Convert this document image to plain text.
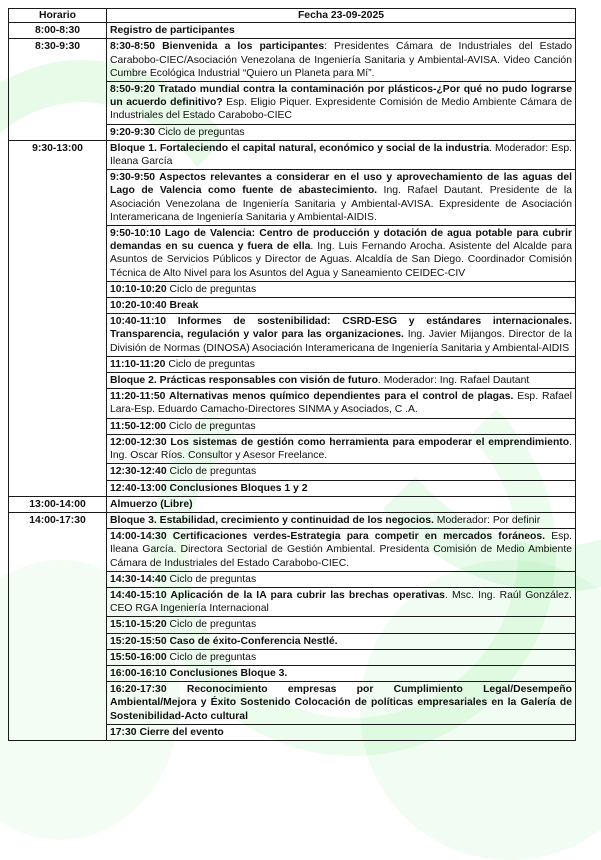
Horario	Fecha 23-09-2025
8:00-8:30	Registro de participantes

8:30-9:30	8:30-8:50 Bienvenida a los participantes: Presidentes Cámara de Industriales del Estado Carabobo-CIEC/Asociación Venezolana de Ingeniería Sanitaria y Ambiental-AVISA. Video Canción Cumbre Ecológica Industrial “Quiero un Planeta para Mí”.

	8:50-9:20 Tratado mundial contra la contaminación por plásticos-¿Por qué no pudo lograrse un acuerdo definitivo? Esp. Eligio Piquer. Expresidente Comisión de Medio Ambiente Cámara de Industriales del Estado Carabobo-CIEC

	9:20-9:30 Ciclo de preguntas

9:30-13:00	Bloque 1. Fortaleciendo el capital natural, económico y social de la industria. Moderador: Esp. Ileana García

	9:30-9:50 Aspectos relevantes a considerar en el uso y aprovechamiento de las aguas del Lago de Valencia como fuente de abastecimiento. Ing. Rafael Dautant. Presidente de la Asociación Venezolana de Ingeniería Sanitaria y Ambiental-AVISA. Expresidente de Asociación Interamericana de Ingeniería Sanitaria y Ambiental-AIDIS.

	9:50-10:10 Lago de Valencia: Centro de producción y dotación de agua potable para cubrir demandas en su cuenca y fuera de ella. Ing. Luis Fernando Arocha. Asistente del Alcalde para Asuntos de Servicios Públicos y Director de Aguas. Alcaldía de San Diego. Coordinador Comisión Técnica de Alto Nivel para los Asuntos del Agua y Saneamiento CEIDEC-CIV

	10:10-10:20 Ciclo de preguntas

	10:20-10:40 Break

	10:40-11:10 Informes de sostenibilidad: CSRD-ESG y estándares internacionales. Transparencia, regulación y valor para las organizaciones. Ing. Javier Mijangos. Director de la División de Normas (DINOSA) Asociación Interamericana de Ingeniería Sanitaria y Ambiental-AIDIS

	11:10-11:20 Ciclo de preguntas

	Bloque 2. Prácticas responsables con visión de futuro. Moderador: Ing. Rafael Dautant

	11:20-11:50 Alternativas menos químico dependientes para el control de plagas. Esp. Rafael Lara-Esp. Eduardo Camacho-Directores SINMA y Asociados, C .A.

	11:50-12:00 Ciclo de preguntas

	12:00-12:30 Los sistemas de gestión como herramienta para empoderar el emprendimiento. Ing. Oscar Ríos. Consultor y Asesor Freelance.

	12:30-12:40 Ciclo de preguntas

	12:40-13:00 Conclusiones Bloques 1 y 2

13:00-14:00	Almuerzo (Libre)

14:00-17:30	Bloque 3. Estabilidad, crecimiento y continuidad de los negocios. Moderador: Por definir

	14:00-14:30 Certificaciones verdes-Estrategia para competir en mercados foráneos. Esp. Ileana García. Directora Sectorial de Gestión Ambiental. Presidenta Comisión de Medio Ambiente Cámara de Industriales del Estado Carabobo-CIEC.

	14:30-14:40 Ciclo de preguntas

	14:40-15:10 Aplicación de la IA para cubrir las brechas operativas. Msc. Ing. Raúl González. CEO RGA Ingeniería Internacional

	15:10-15:20 Ciclo de preguntas

	15:20-15:50 Caso de éxito-Conferencia Nestlé.

	15:50-16:00 Ciclo de preguntas

	16:00-16:10 Conclusiones Bloque 3.

	16:20-17:30 Reconocimiento empresas por Cumplimiento Legal/Desempeño Ambiental/Mejora y Éxito Sostenido Colocación de políticas empresariales en la Galería de Sostenibilidad-Acto cultural

	17:30 Cierre del evento
